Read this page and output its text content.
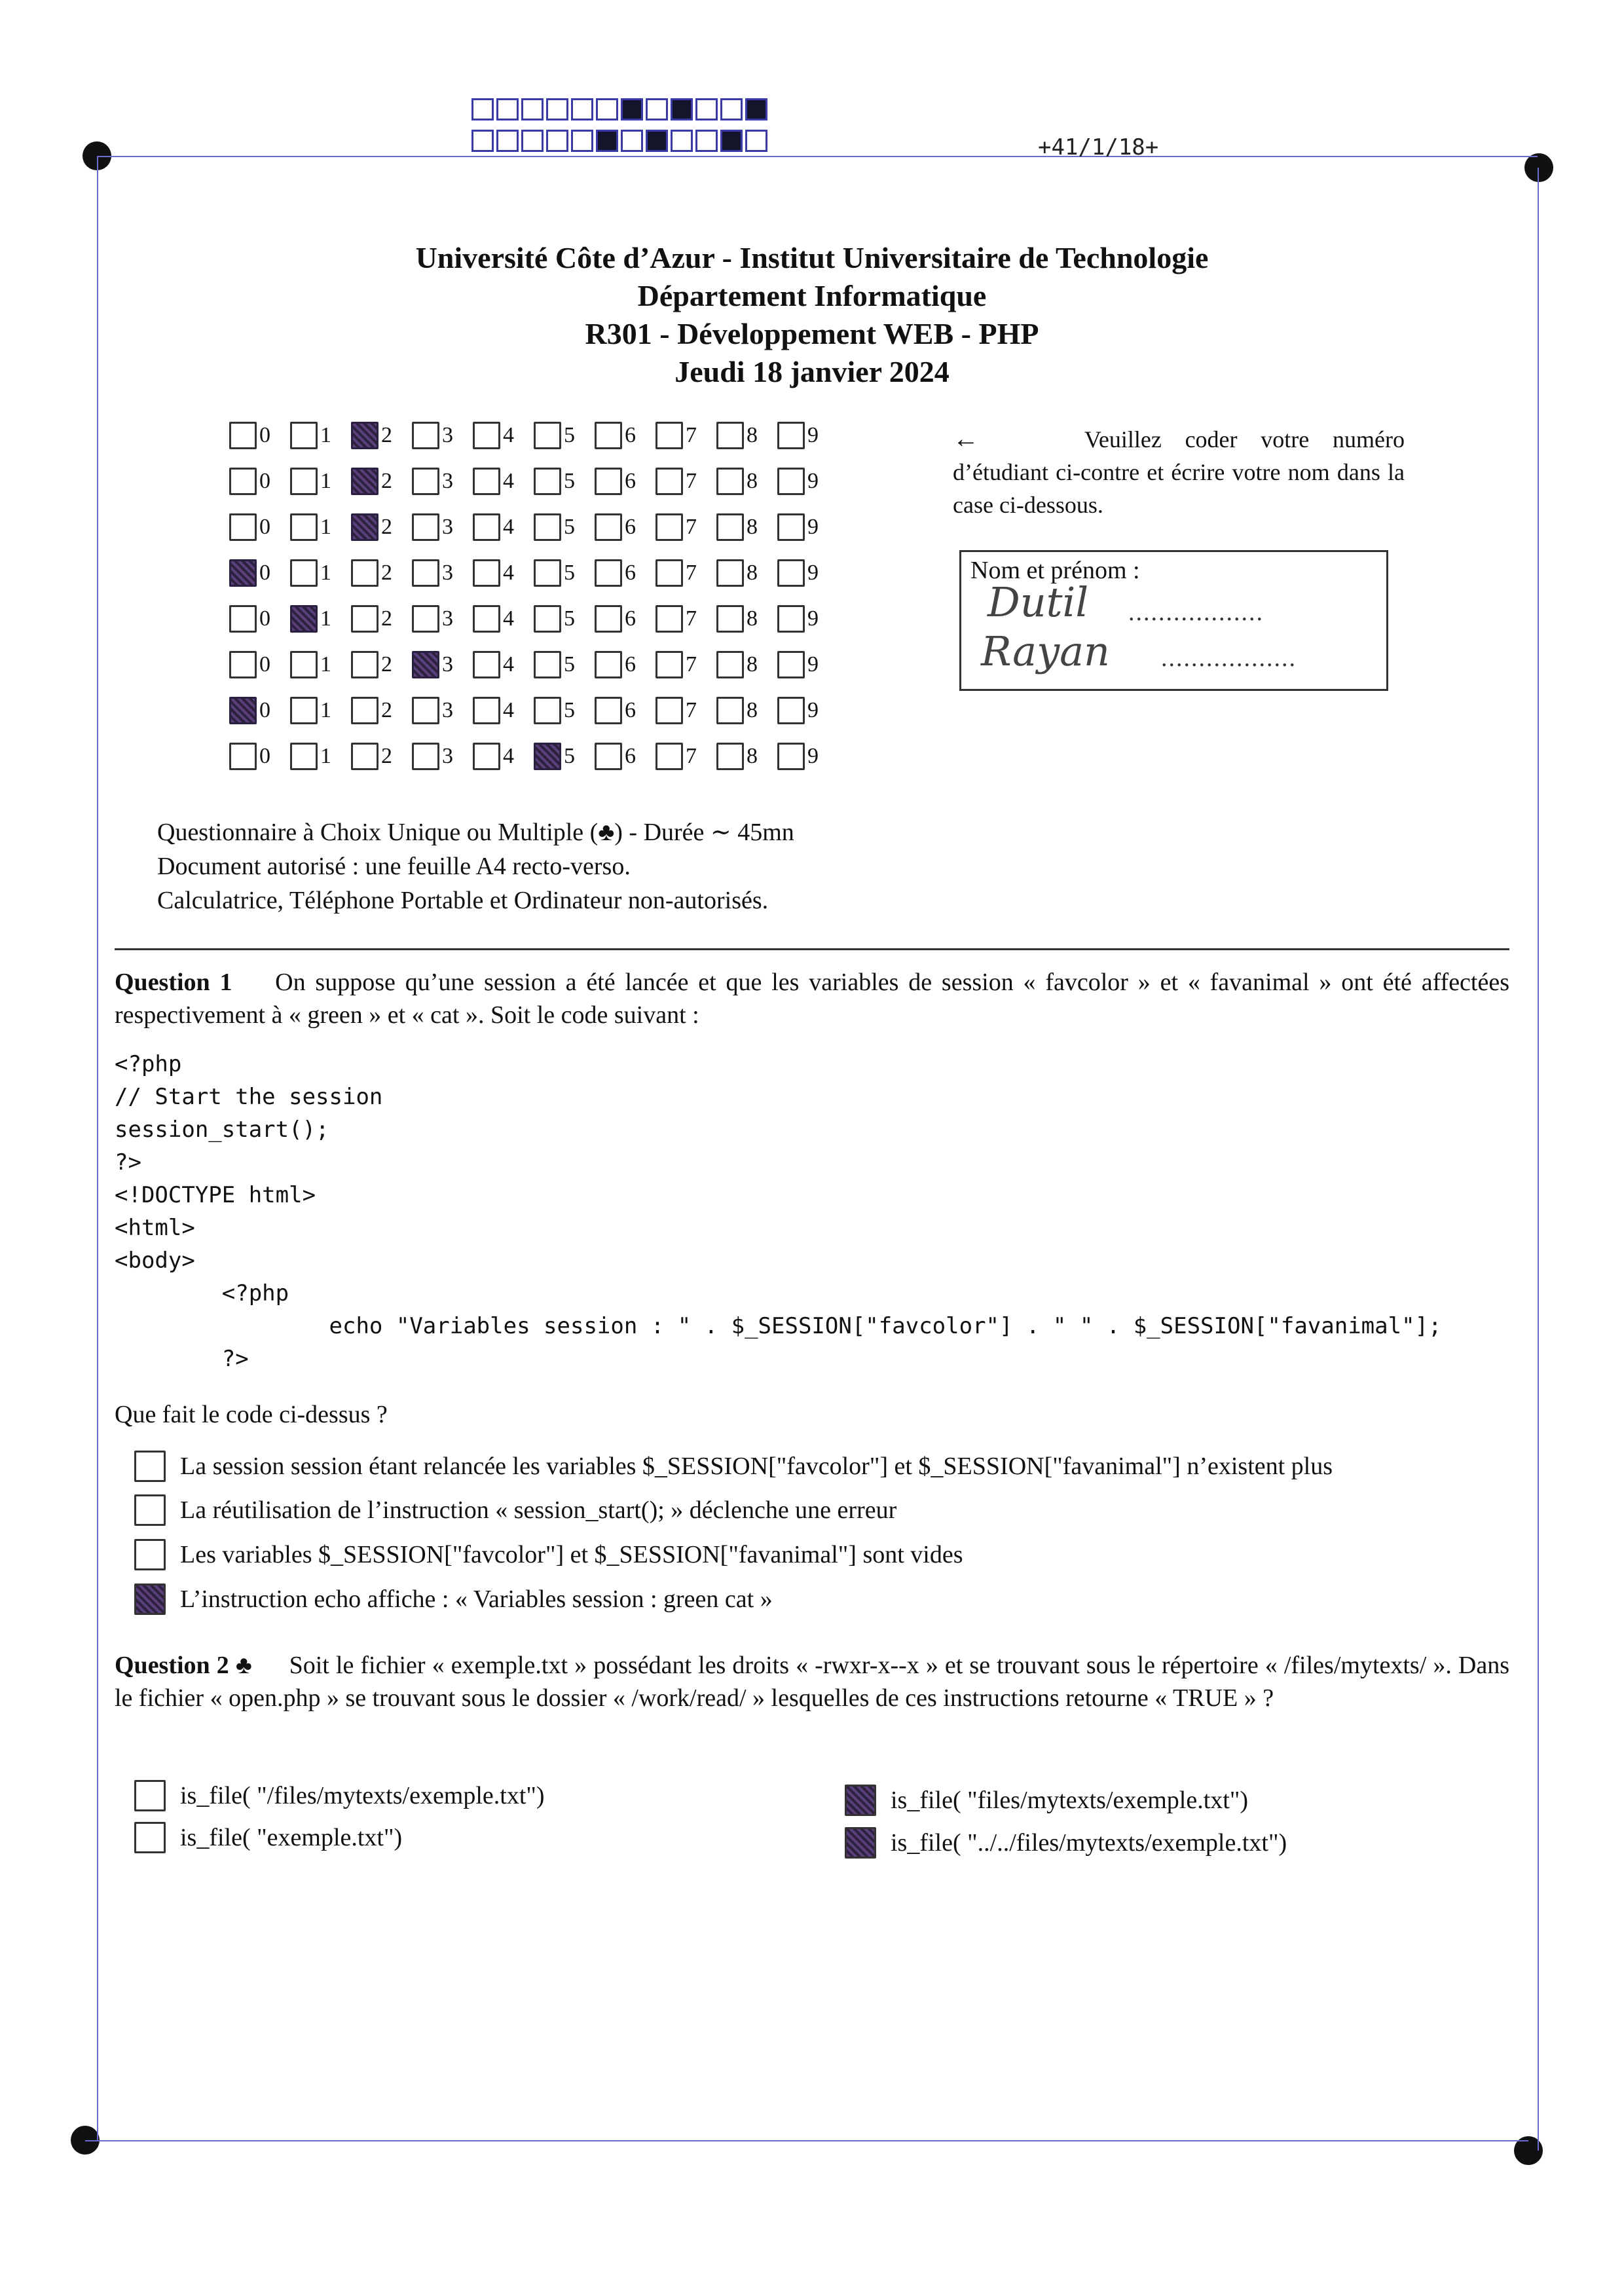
+41/1/18+
Université Côte d’Azur - Institut Universitaire de Technologie
Département Informatique
R301 - Développement WEB - PHP
Jeudi 18 janvier 2024
0 1 2 3 4 5 6 7 8 9
0 1 2 3 4 5 6 7 8 9
0 1 2 3 4 5 6 7 8 9
0 1 2 3 4 5 6 7 8 9
0 1 2 3 4 5 6 7 8 9
0 1 2 3 4 5 6 7 8 9
0 1 2 3 4 5 6 7 8 9
0 1 2 3 4 5 6 7 8 9
←	Veuillez coder votre numéro d’étudiant ci-contre et écrire votre nom dans la case ci-dessous.
Nom et prénom :
..................
..................
Dutil
Rayan
Questionnaire à Choix Unique ou Multiple (♣) - Durée ∼ 45mn
Document autorisé : une feuille A4 recto-verso.
Calculatrice, Téléphone Portable et Ordinateur non-autorisés.
Question 1 On suppose qu’une session a été lancée et que les variables de session « favcolor » et « favanimal » ont été affectées respectivement à « green » et « cat ». Soit le code suivant :
<?php
// Start the session
session_start();
?>
<!DOCTYPE html>
<html>
<body>
<?php
echo "Variables session : " . $_SESSION["favcolor"] . " " . $_SESSION["favanimal"];
?>
Que fait le code ci-dessus ?
La session session étant relancée les variables $_SESSION["favcolor"] et $_SESSION["favanimal"] n’existent plus
La réutilisation de l’instruction « session_start(); » déclenche une erreur
Les variables $_SESSION["favcolor"] et $_SESSION["favanimal"] sont vides
L’instruction echo affiche : « Variables session : green cat »
Question 2 ♣ Soit le fichier « exemple.txt » possédant les droits « -rwxr-x--x » et se trouvant sous le répertoire « /files/mytexts/ ». Dans le fichier « open.php » se trouvant sous le dossier « /work/read/ » lesquelles de ces instructions retourne « TRUE » ?
is_file( "/files/mytexts/exemple.txt")
is_file( "exemple.txt")
is_file( "files/mytexts/exemple.txt")
is_file( "../../files/mytexts/exemple.txt")
